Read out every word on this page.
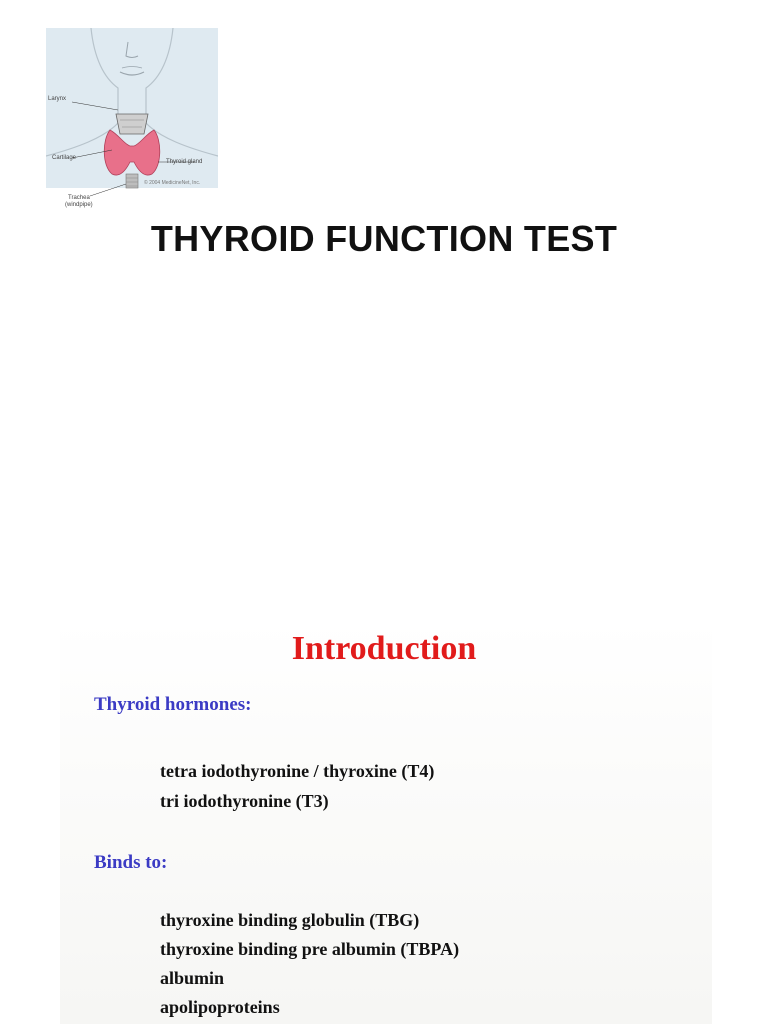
Larynx
Cartilage
Thyroid gland
Trachea
(windpipe)
© 2004 MedicineNet, Inc.
THYROID FUNCTION TEST
Introduction
Thyroid hormones:
tetra iodothyronine / thyroxine (T4)
tri iodothyronine (T3)
Binds to:
thyroxine binding globulin (TBG)
thyroxine binding pre albumin (TBPA)
albumin
apolipoproteins
